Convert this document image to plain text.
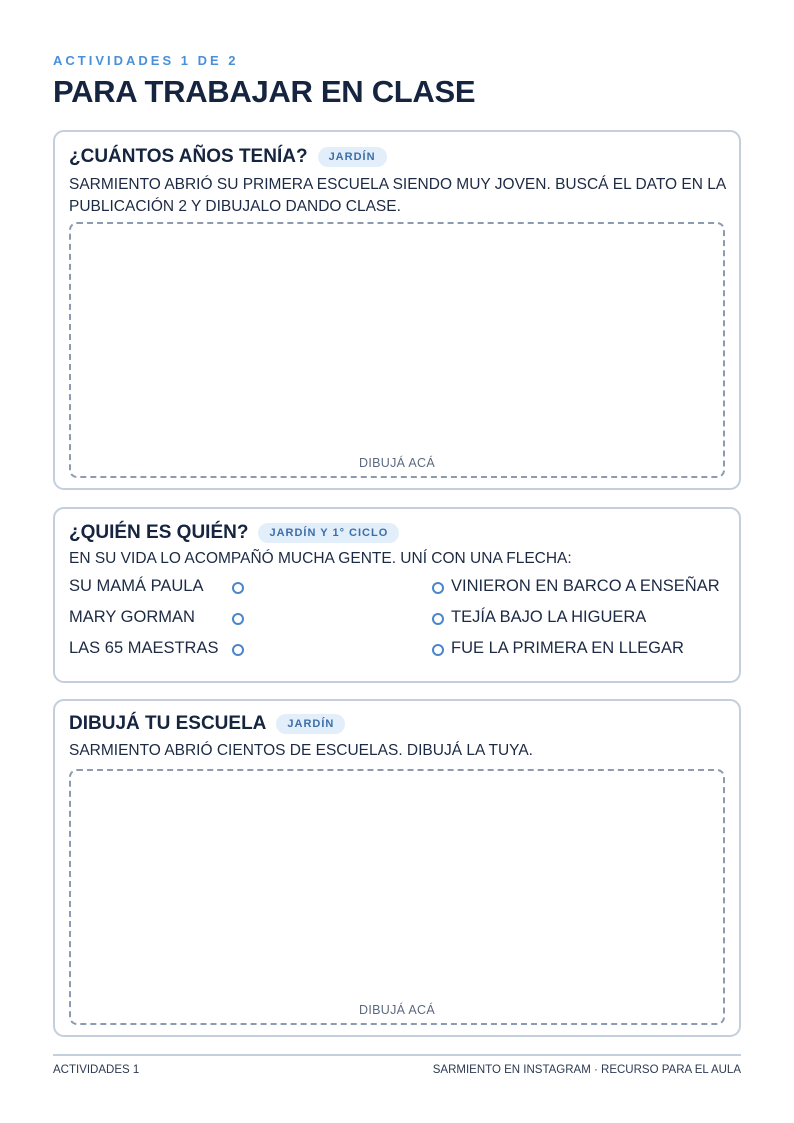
ACTIVIDADES 1 DE 2
PARA TRABAJAR EN CLASE
¿CUÁNTOS AÑOS TENÍA?	JARDÍN

SARMIENTO ABRIÓ SU PRIMERA ESCUELA SIENDO MUY JOVEN. BUSCÁ EL DATO EN LA PUBLICACIÓN 2 Y DIBUJALO DANDO CLASE.

DIBUJÁ ACÁ
¿QUIÉN ES QUIÉN?	JARDÍN Y 1° CICLO

EN SU VIDA LO ACOMPAÑÓ MUCHA GENTE. UNÍ CON UNA FLECHA:

SU MAMÁ PAULA	VINIERON EN BARCO A ENSEÑAR
MARY GORMAN	TEJÍA BAJO LA HIGUERA
LAS 65 MAESTRAS	FUE LA PRIMERA EN LLEGAR
DIBUJÁ TU ESCUELA	JARDÍN

SARMIENTO ABRIÓ CIENTOS DE ESCUELAS. DIBUJÁ LA TUYA.

DIBUJÁ ACÁ
ACTIVIDADES 1	SARMIENTO EN INSTAGRAM · RECURSO PARA EL AULA
